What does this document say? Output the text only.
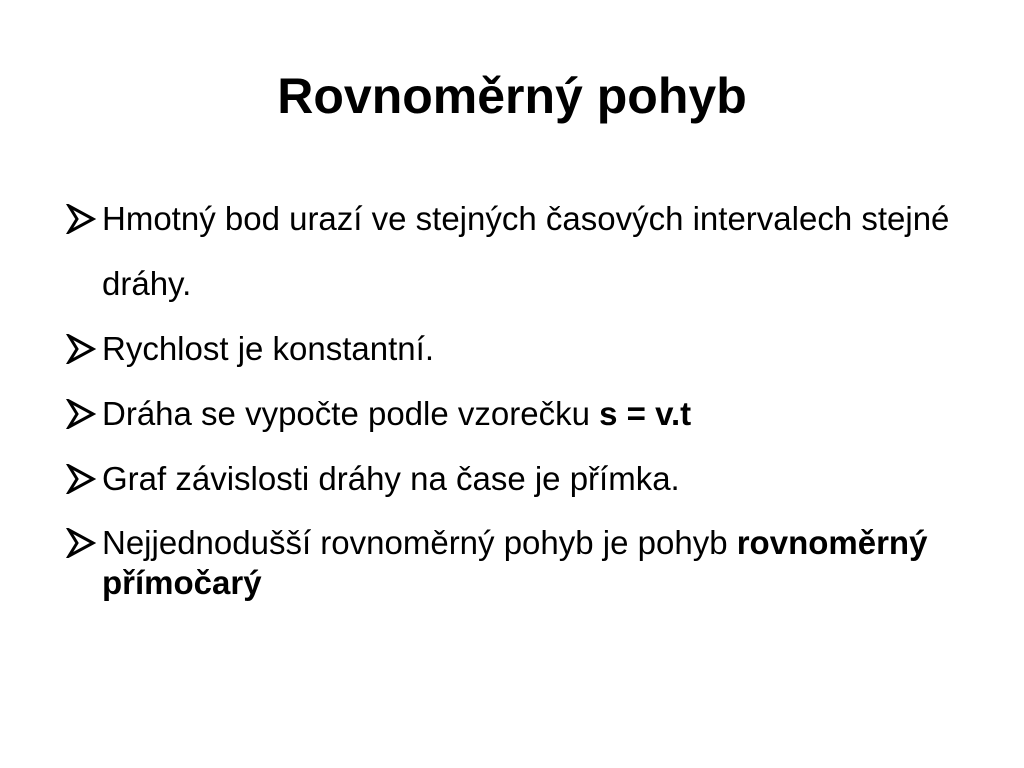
Rovnoměrný pohyb
Hmotný bod urazí ve stejných časových intervalech stejné dráhy.
Rychlost je konstantní.
Dráha se vypočte podle vzorečku s = v.t
Graf závislosti dráhy na čase je přímka.
Nejjednodušší rovnoměrný pohyb je pohyb rovnoměrný přímočarý
